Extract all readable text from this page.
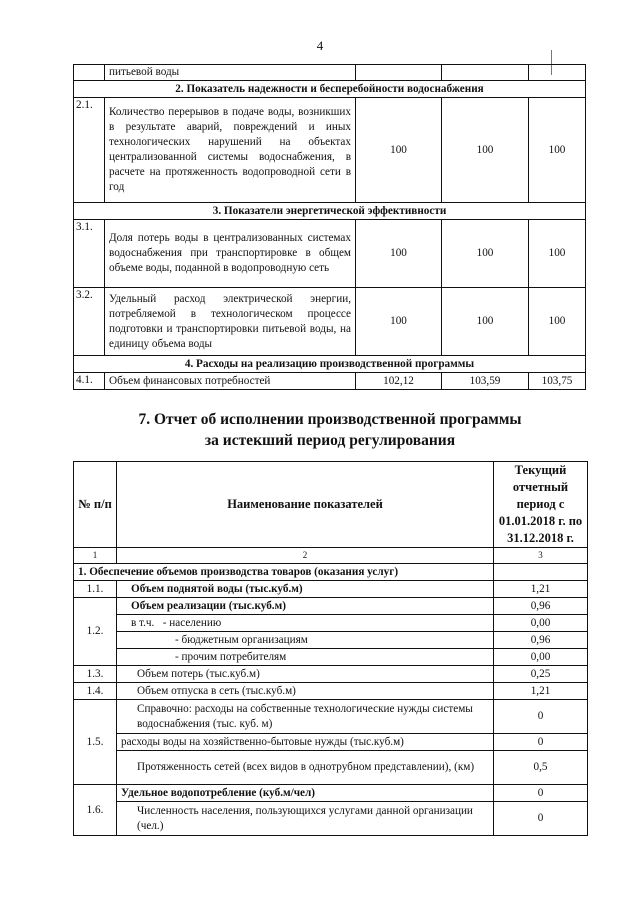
4
	питьевой воды			
2. Показатель надежности и бесперебойности водоснабжения				
2.1.	Количество перерывов в подаче воды, возникших в результате аварий, повреждений и иных технологических нарушений на объектах централизованной системы водоснабжения, в расчете на протяженность водопроводной сети в год	100	100	100
3. Показатели энергетической эффективности				
3.1.	Доля потерь воды в централизованных системах водоснабжения при транспортировке в общем объеме воды, поданной в водопроводную сеть	100	100	100
3.2.	Удельный расход электрической энергии, потребляемой в технологическом процессе подготовки и транспортировки питьевой воды, на единицу объема воды	100	100	100
4. Расходы на реализацию производственной программы				
4.1.	Объем финансовых потребностей	102,12	103,59	103,75
7. Отчет об исполнении производственной программы
за истекший период регулирования
№ п/п	Наименование показателей	Текущий отчетный период с 01.01.2018 г. по 31.12.2018 г.
1	2	3
1. Обеспечение объемов производства товаров (оказания услуг)		
1.1.	Объем поднятой воды (тыс.куб.м)	1,21
1.2.	Объем реализации (тыс.куб.м)	0,96
	в т.ч. - населению	0,00
	- бюджетным организациям	0,96
	- прочим потребителям	0,00
1.3.	Объем потерь (тыс.куб.м)	0,25
1.4.	Объем отпуска в сеть (тыс.куб.м)	1,21
1.5.	Справочно: расходы на собственные технологические нужды системы водоснабжения (тыс. куб. м)	0
	расходы воды на хозяйственно-бытовые нужды (тыс.куб.м)	0
	Протяженность сетей (всех видов в однотрубном представлении), (км)	0,5
1.6.	Удельное водопотребление (куб.м/чел)	0
	Численность населения, пользующихся услугами данной организации (чел.)	0
